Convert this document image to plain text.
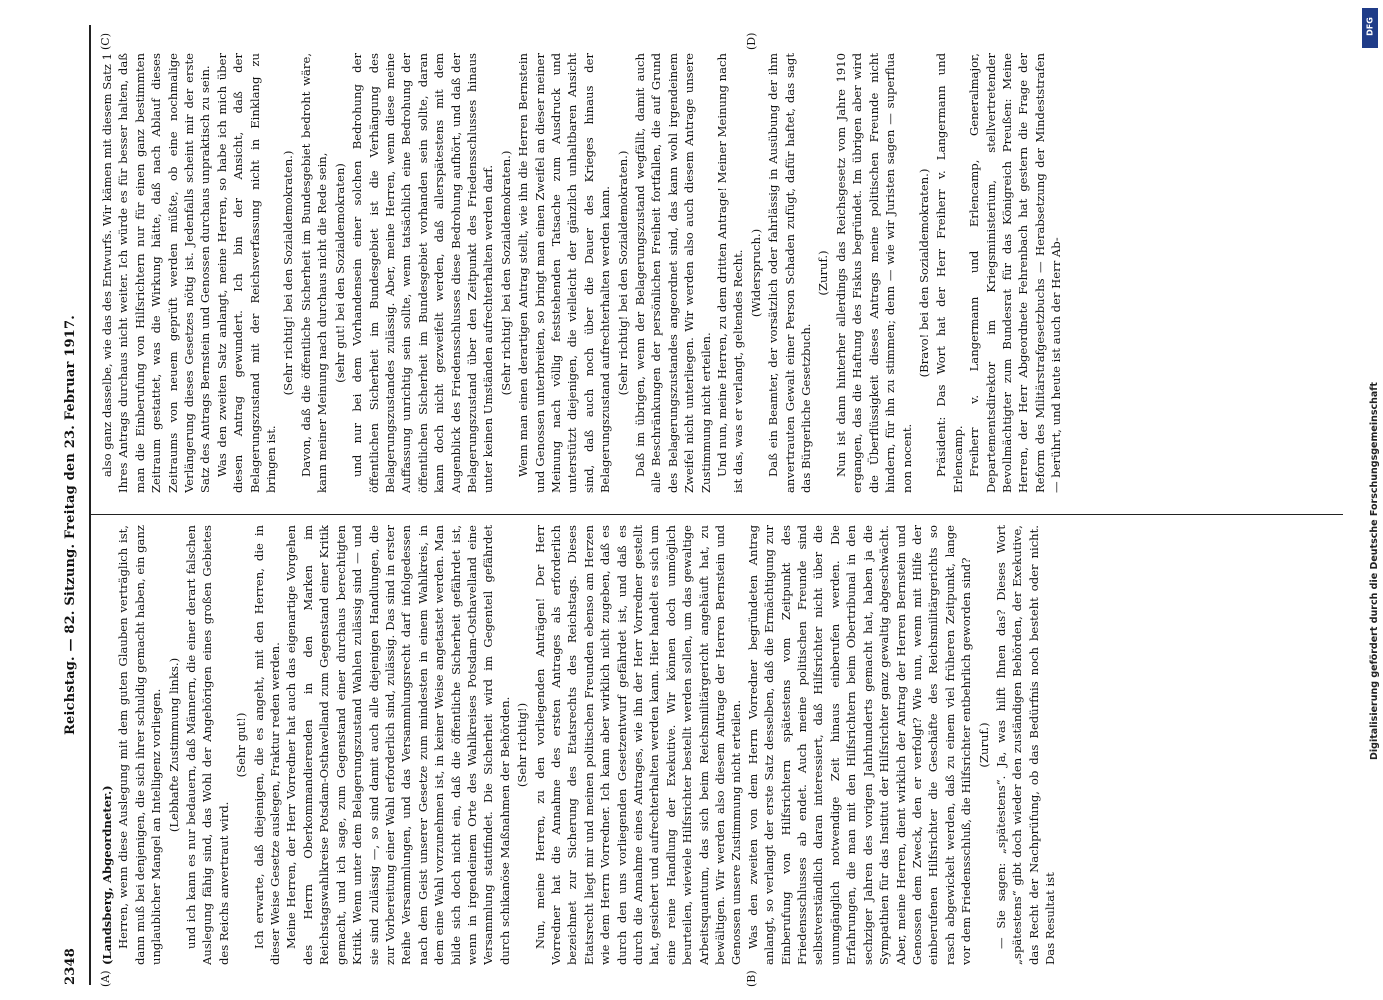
2348
Reichstag. — 82. Sitzung. Freitag den 23. Februar 1917.
(A)	(B)
(C)	(D)

(Landsberg, Abgeordneter.) Herren, wenn diese Auslegung mit dem guten Glauben verträglich ist, dann muß bei denjenigen, die sich ihrer schuldig gemacht haben, ein ganz unglaublicher Mangel an Intelligenz vorliegen. (Lebhafte Zustimmung links.) und ich kann es nur bedauern, daß Männern, die einer derart falschen Auslegung fähig sind, das Wohl der Angehörigen eines großen Gebietes des Reichs anvertraut wird.

(Sehr gut!) Ich erwarte, daß diejenigen, die es angeht, mit den Herren, die in dieser Weise Gesetze auslegen, Fraktur reden werden. Meine Herren, der Herr Vorredner hat auch das eigenartige Vorgehen des Herrn Oberkommandierenden in den Marken im Reichstagswahlkreise Potsdam-Osthavelland zum Gegenstand einer Kritik gemacht, und ich sage, zum Gegenstand einer durchaus berechtigten Kritik. Wenn unter dem Belagerungszustand Wahlen zulässig sind — und sie sind zulässig —, so sind damit auch alle diejenigen Handlungen, die zur Vorbereitung einer Wahl erforderlich sind, zulässig. Das sind in erster Reihe Versammlungen, und das Versammlungsrecht darf infolgedessen nach dem Geist unserer Gesetze zum mindesten in einem Wahlkreis, in dem eine Wahl vorzunehmen ist, in keiner Weise angetastet werden. Man bilde sich doch nicht ein, daß die öffentliche Sicherheit gefährdet ist, wenn in irgendeinem Orte des Wahlkreises Potsdam-Osthavelland eine Versammlung stattfindet. Die Sicherheit wird im Gegenteil gefährdet durch schikanöse Maßnahmen der Behörden. (Sehr richtig!) Nun, meine Herren, zu den vorliegenden Anträgen! Der Herr Vorredner hat die Annahme des ersten Antrages als erforderlich bezeichnet zur Sicherung des Etatsrechts des Reichstags. Dieses Etatsrecht liegt mir und meinen politischen Freunden ebenso am Herzen wie dem Herrn Vorredner. Ich kann aber wirklich nicht zugeben, daß es durch den uns vorliegenden Gesetzentwurf gefährdet ist, und daß es durch die Annahme eines Antrages, wie ihn der Herr Vorredner gestellt hat, gesichert und aufrechterhalten werden kann. Hier handelt es sich um eine reine Handlung der Exekutive. Wir können doch unmöglich beurteilen, wieviele Hilfsrichter bestellt werden sollen, um das gewaltige Arbeitsquantum, das sich beim Reichsmilitärgericht angehäuft hat, zu bewältigen. Wir werden also diesem Antrage der Herren Bernstein und Genossen unsere Zustimmung nicht erteilen. Was den zweiten von dem Herrn Vorredner begründeten Antrag anlangt, so verlangt der erste Satz desselben, daß die Ermächtigung zur Einberufung von Hilfsrichtern spätestens vom Zeitpunkt des Friedensschlusses ab endet. Auch meine politischen Freunde sind selbstverständlich daran interessiert, daß Hilfsrichter nicht über die unumgänglich notwendige Zeit hinaus einberufen werden. Die Erfahrungen, die man mit den Hilfsrichtern beim Obertribunal in den sechziger Jahren des vorigen Jahrhunderts gemacht hat, haben ja die Sympathien für das Institut der Hilfsrichter ganz gewaltig abgeschwächt. Aber, meine Herren, dient wirklich der Antrag der Herren Bernstein und Genossen dem Zweck, den er verfolgt? Wie nun, wenn mit Hilfe der einberufenen Hilfsrichter die Geschäfte des Reichsmilitärgerichts so rasch abgewickelt werden, daß zu einem viel früheren Zeitpunkt, lange vor dem Friedensschluß, die Hilfsrichter entbehrlich geworden sind? (Zuruf.) — Sie sagen: „spätestens“. Ja, was hilft Ihnen das? Dieses Wort „spätestens“ gibt doch wieder den zuständigen Behörden, der Exekutive, das Recht der Nachprüfung, ob das Bedürfnis noch besteht oder nicht. Das Resultat ist

also ganz dasselbe, wie das des Entwurfs. Wir kämen mit diesem Satz 1 Ihres Antrags durchaus nicht weiter. Ich würde es für besser halten, daß man die Einberufung von Hilfsrichtern nur für einen ganz bestimmten Zeitraum gestattet, was die Wirkung hätte, daß nach Ablauf dieses Zeitraums von neuem geprüft werden müßte, ob eine nochmalige Verlängerung dieses Gesetzes nötig ist. Jedenfalls scheint mir der erste Satz des Antrags Bernstein und Genossen durchaus unpraktisch zu sein. Was den zweiten Satz anlangt, meine Herren, so habe ich mich über diesen Antrag gewundert. Ich bin der Ansicht, daß der Belagerungszustand mit der Reichsverfassung nicht in Einklang zu bringen ist.

(Sehr richtig! bei den Sozialdemokraten.) Davon, daß die öffentliche Sicherheit im Bundesgebiet bedroht wäre, kann meiner Meinung nach durchaus nicht die Rede sein, (sehr gut! bei den Sozialdemokraten) und nur bei dem Vorhandensein einer solchen Bedrohung der öffentlichen Sicherheit im Bundesgebiet ist die Verhängung des Belagerungszustandes zulässig. Aber, meine Herren, wenn diese meine Auffassung unrichtig sein sollte, wenn tatsächlich eine Bedrohung der öffentlichen Sicherheit im Bundesgebiet vorhanden sein sollte, daran kann doch nicht gezweifelt werden, daß allerspätestens mit dem Augenblick des Friedensschlusses diese Bedrohung aufhört, und daß der Belagerungszustand über den Zeitpunkt des Friedensschlusses hinaus unter keinen Umständen aufrechterhalten werden darf. (Sehr richtig! bei den Sozialdemokraten.) Wenn man einen derartigen Antrag stellt, wie ihn die Herren Bernstein und Genossen unterbreiten, so bringt man einen Zweifel an dieser meiner Meinung nach völlig feststehenden Tatsache zum Ausdruck und unterstützt diejenigen, die vielleicht der gänzlich unhaltbaren Ansicht sind, daß auch noch über die Dauer des Krieges hinaus der Belagerungszustand aufrechterhalten werden kann. (Sehr richtig! bei den Sozialdemokraten.) Daß im übrigen, wenn der Belagerungszustand wegfällt, damit auch alle Beschränkungen der persönlichen Freiheit fortfallen, die auf Grund des Belagerungszustandes angeordnet sind, das kann wohl irgendeinem Zweifel nicht unterliegen. Wir werden also auch diesem Antrage unsere Zustimmung nicht erteilen. Und nun, meine Herren, zu dem dritten Antrage! Meiner Meinung nach ist das, was er verlangt, geltendes Recht. (Widerspruch.) Daß ein Beamter, der vorsätzlich oder fahrlässig in Ausübung der ihm anvertrauten Gewalt einer Person Schaden zufügt, dafür haftet, das sagt das Bürgerliche Gesetzbuch.

(Zuruf.) Nun ist dann hinterher allerdings das Reichsgesetz vom Jahre 1910 ergangen, das die Haftung des Fiskus begründet. Im übrigen aber wird die Überflüssigkeit dieses Antrags meine politischen Freunde nicht hindern, für ihn zu stimmen; denn — wie wir Juristen sagen — superflua non nocent.

(Bravo! bei den Sozialdemokraten.) Präsident: Das Wort hat der Herr Freiherr v. Langermann und Erlencamp. Freiherr v. Langermann und Erlencamp, Generalmajor, Departementsdirektor im Kriegsministerium, stellvertretender Bevollmächtigter zum Bundesrat für das Königreich Preußen: Meine Herren, der Herr Abgeordnete Fehrenbach hat gestern die Frage der Reform des Militärstrafgesetzbuchs — Herabsetzung der Mindeststrafen — berührt, und heute ist auch der Herr Ab-

DFG
Digitalisierung gefördert durch die Deutsche Forschungsgemeinschaft
